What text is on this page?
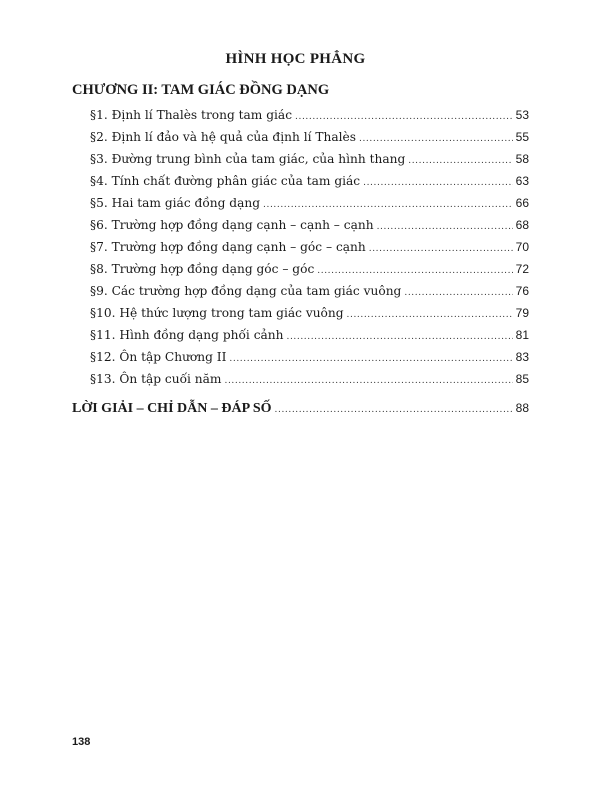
HÌNH HỌC PHẲNG
CHƯƠNG II: TAM GIÁC ĐỒNG DẠNG
§1. Định lí Thalès trong tam giác .....	53
§2. Định lí đảo và hệ quả của định lí Thalès .....	55
§3. Đường trung bình của tam giác, của hình thang .....	58
§4. Tính chất đường phân giác của tam giác .....	63
§5. Hai tam giác đồng dạng .....	66
§6. Trường hợp đồng dạng cạnh – cạnh – cạnh .....	68
§7. Trường hợp đồng dạng cạnh – góc – cạnh .....	70
§8. Trường hợp đồng dạng góc – góc .....	72
§9. Các trường hợp đồng dạng của tam giác vuông .....	76
§10. Hệ thức lượng trong tam giác vuông .....	79
§11. Hình đồng dạng phối cảnh .....	81
§12. Ôn tập Chương II .....	83
§13. Ôn tập cuối năm .....	85
LỜI GIẢI – CHỈ DẪN – ĐÁP SỐ .....	88
138
